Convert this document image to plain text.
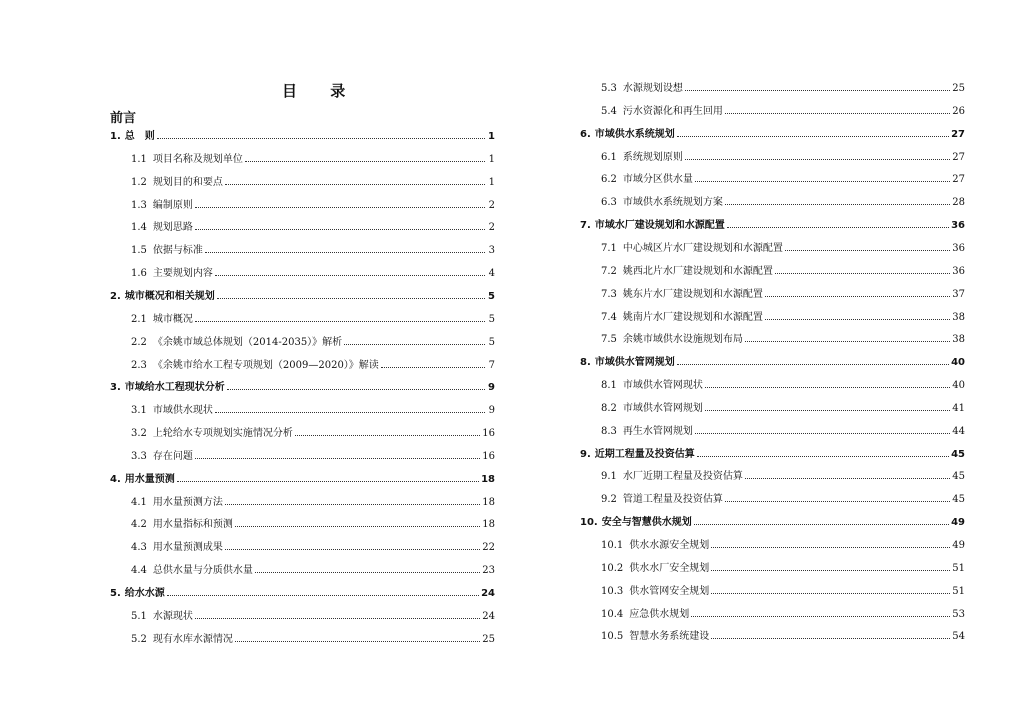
目 录
前言
1. 总　则	1
1.1 项目名称及规划单位	1
1.2 规划目的和要点	1
1.3 编制原则	2
1.4 规划思路	2
1.5 依据与标准	3
1.6 主要规划内容	4
2. 城市概况和相关规划	5
2.1 城市概况	5
2.2 《余姚市域总体规划（2014-2035）》解析	5
2.3 《余姚市给水工程专项规划（2009—2020）》解读	7
3. 市域给水工程现状分析	9
3.1 市域供水现状	9
3.2 上轮给水专项规划实施情况分析	16
3.3 存在问题	16
4. 用水量预测	18
4.1 用水量预测方法	18
4.2 用水量指标和预测	18
4.3 用水量预测成果	22
4.4 总供水量与分质供水量	23
5. 给水水源	24
5.1 水源现状	24
5.2 现有水库水源情况	25
5.3 水源规划设想	25
5.4 污水资源化和再生回用	26
6. 市域供水系统规划	27
6.1 系统规划原则	27
6.2 市域分区供水量	27
6.3 市域供水系统规划方案	28
7. 市域水厂建设规划和水源配置	36
7.1 中心城区片水厂建设规划和水源配置	36
7.2 姚西北片水厂建设规划和水源配置	36
7.3 姚东片水厂建设规划和水源配置	37
7.4 姚南片水厂建设规划和水源配置	38
7.5 余姚市域供水设施规划布局	38
8. 市域供水管网规划	40
8.1 市域供水管网现状	40
8.2 市域供水管网规划	41
8.3 再生水管网规划	44
9. 近期工程量及投资估算	45
9.1 水厂近期工程量及投资估算	45
9.2 管道工程量及投资估算	45
10. 安全与智慧供水规划	49
10.1 供水水源安全规划	49
10.2 供水水厂安全规划	51
10.3 供水管网安全规划	51
10.4 应急供水规划	53
10.5 智慧水务系统建设	54
